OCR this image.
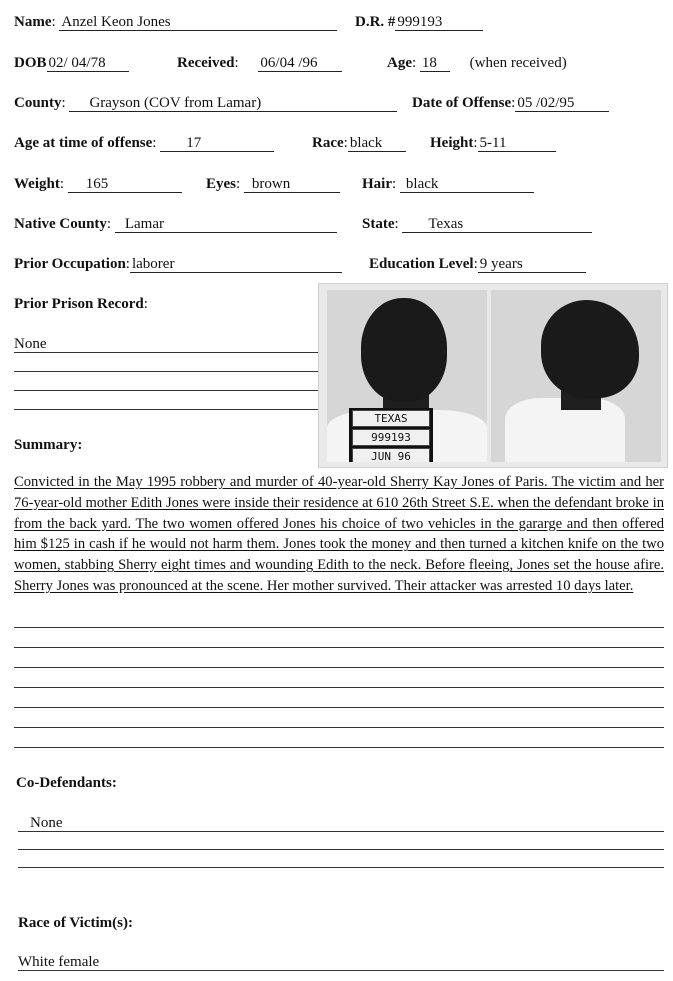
Name: Anzel Keon Jones	D.R. # 999193
DOB 02/ 04/78	Received: 06/04 /96	Age: 18 (when received)
County: Grayson (COV from Lamar)	Date of Offense: 05 /02/95
Age at time of offense: 17	Race: black	Height: 5-11
Weight: 165	Eyes: brown	Hair: black
Native County: Lamar	State: Texas
Prior Occupation: laborer	Education Level: 9 years
Prior Prison Record:
None
TEXAS
999193
JUN 96
Summary:
Convicted in the May 1995 robbery and murder of 40-year-old Sherry Kay Jones of Paris. The victim and her 76-year-old mother Edith Jones were inside their residence at 610 26th Street S.E. when the defendant broke in from the back yard. The two women offered Jones his choice of two vehicles in the gararge and then offered him $125 in cash if he would not harm them. Jones took the money and then turned a kitchen knife on the two women, stabbing Sherry eight times and wounding Edith to the neck. Before fleeing, Jones set the house afire. Sherry Jones was pronounced at the scene. Her mother survived. Their attacker was arrested 10 days later.
Co-Defendants:
None
Race of Victim(s):
White female
